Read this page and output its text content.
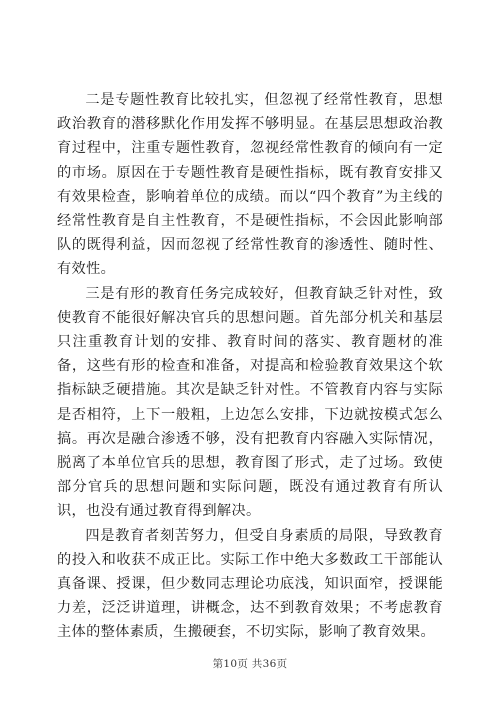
二是专题性教育比较扎实，但忽视了经常性教育，思想政治教育的潜移默化作用发挥不够明显。在基层思想政治教育过程中，注重专题性教育，忽视经常性教育的倾向有一定的市场。原因在于专题性教育是硬性指标，既有教育安排又有效果检查，影响着单位的成绩。而以“四个教育”为主线的经常性教育是自主性教育，不是硬性指标，不会因此影响部队的既得利益，因而忽视了经常性教育的渗透性、随时性、有效性。

三是有形的教育任务完成较好，但教育缺乏针对性，致使教育不能很好解决官兵的思想问题。首先部分机关和基层只注重教育计划的安排、教育时间的落实、教育题材的准备，这些有形的检查和准备，对提高和检验教育效果这个软指标缺乏硬措施。其次是缺乏针对性。不管教育内容与实际是否相符，上下一般粗，上边怎么安排，下边就按模式怎么搞。再次是融合渗透不够，没有把教育内容融入实际情况，脱离了本单位官兵的思想，教育图了形式，走了过场。致使部分官兵的思想问题和实际问题，既没有通过教育有所认识，也没有通过教育得到解决。

四是教育者刻苦努力，但受自身素质的局限，导致教育的投入和收获不成正比。实际工作中绝大多数政工干部能认真备课、授课，但少数同志理论功底浅，知识面窄，授课能力差，泛泛讲道理，讲概念，达不到教育效果；不考虑教育主体的整体素质，生搬硬套，不切实际，影响了教育效果。

第10页 共36页
